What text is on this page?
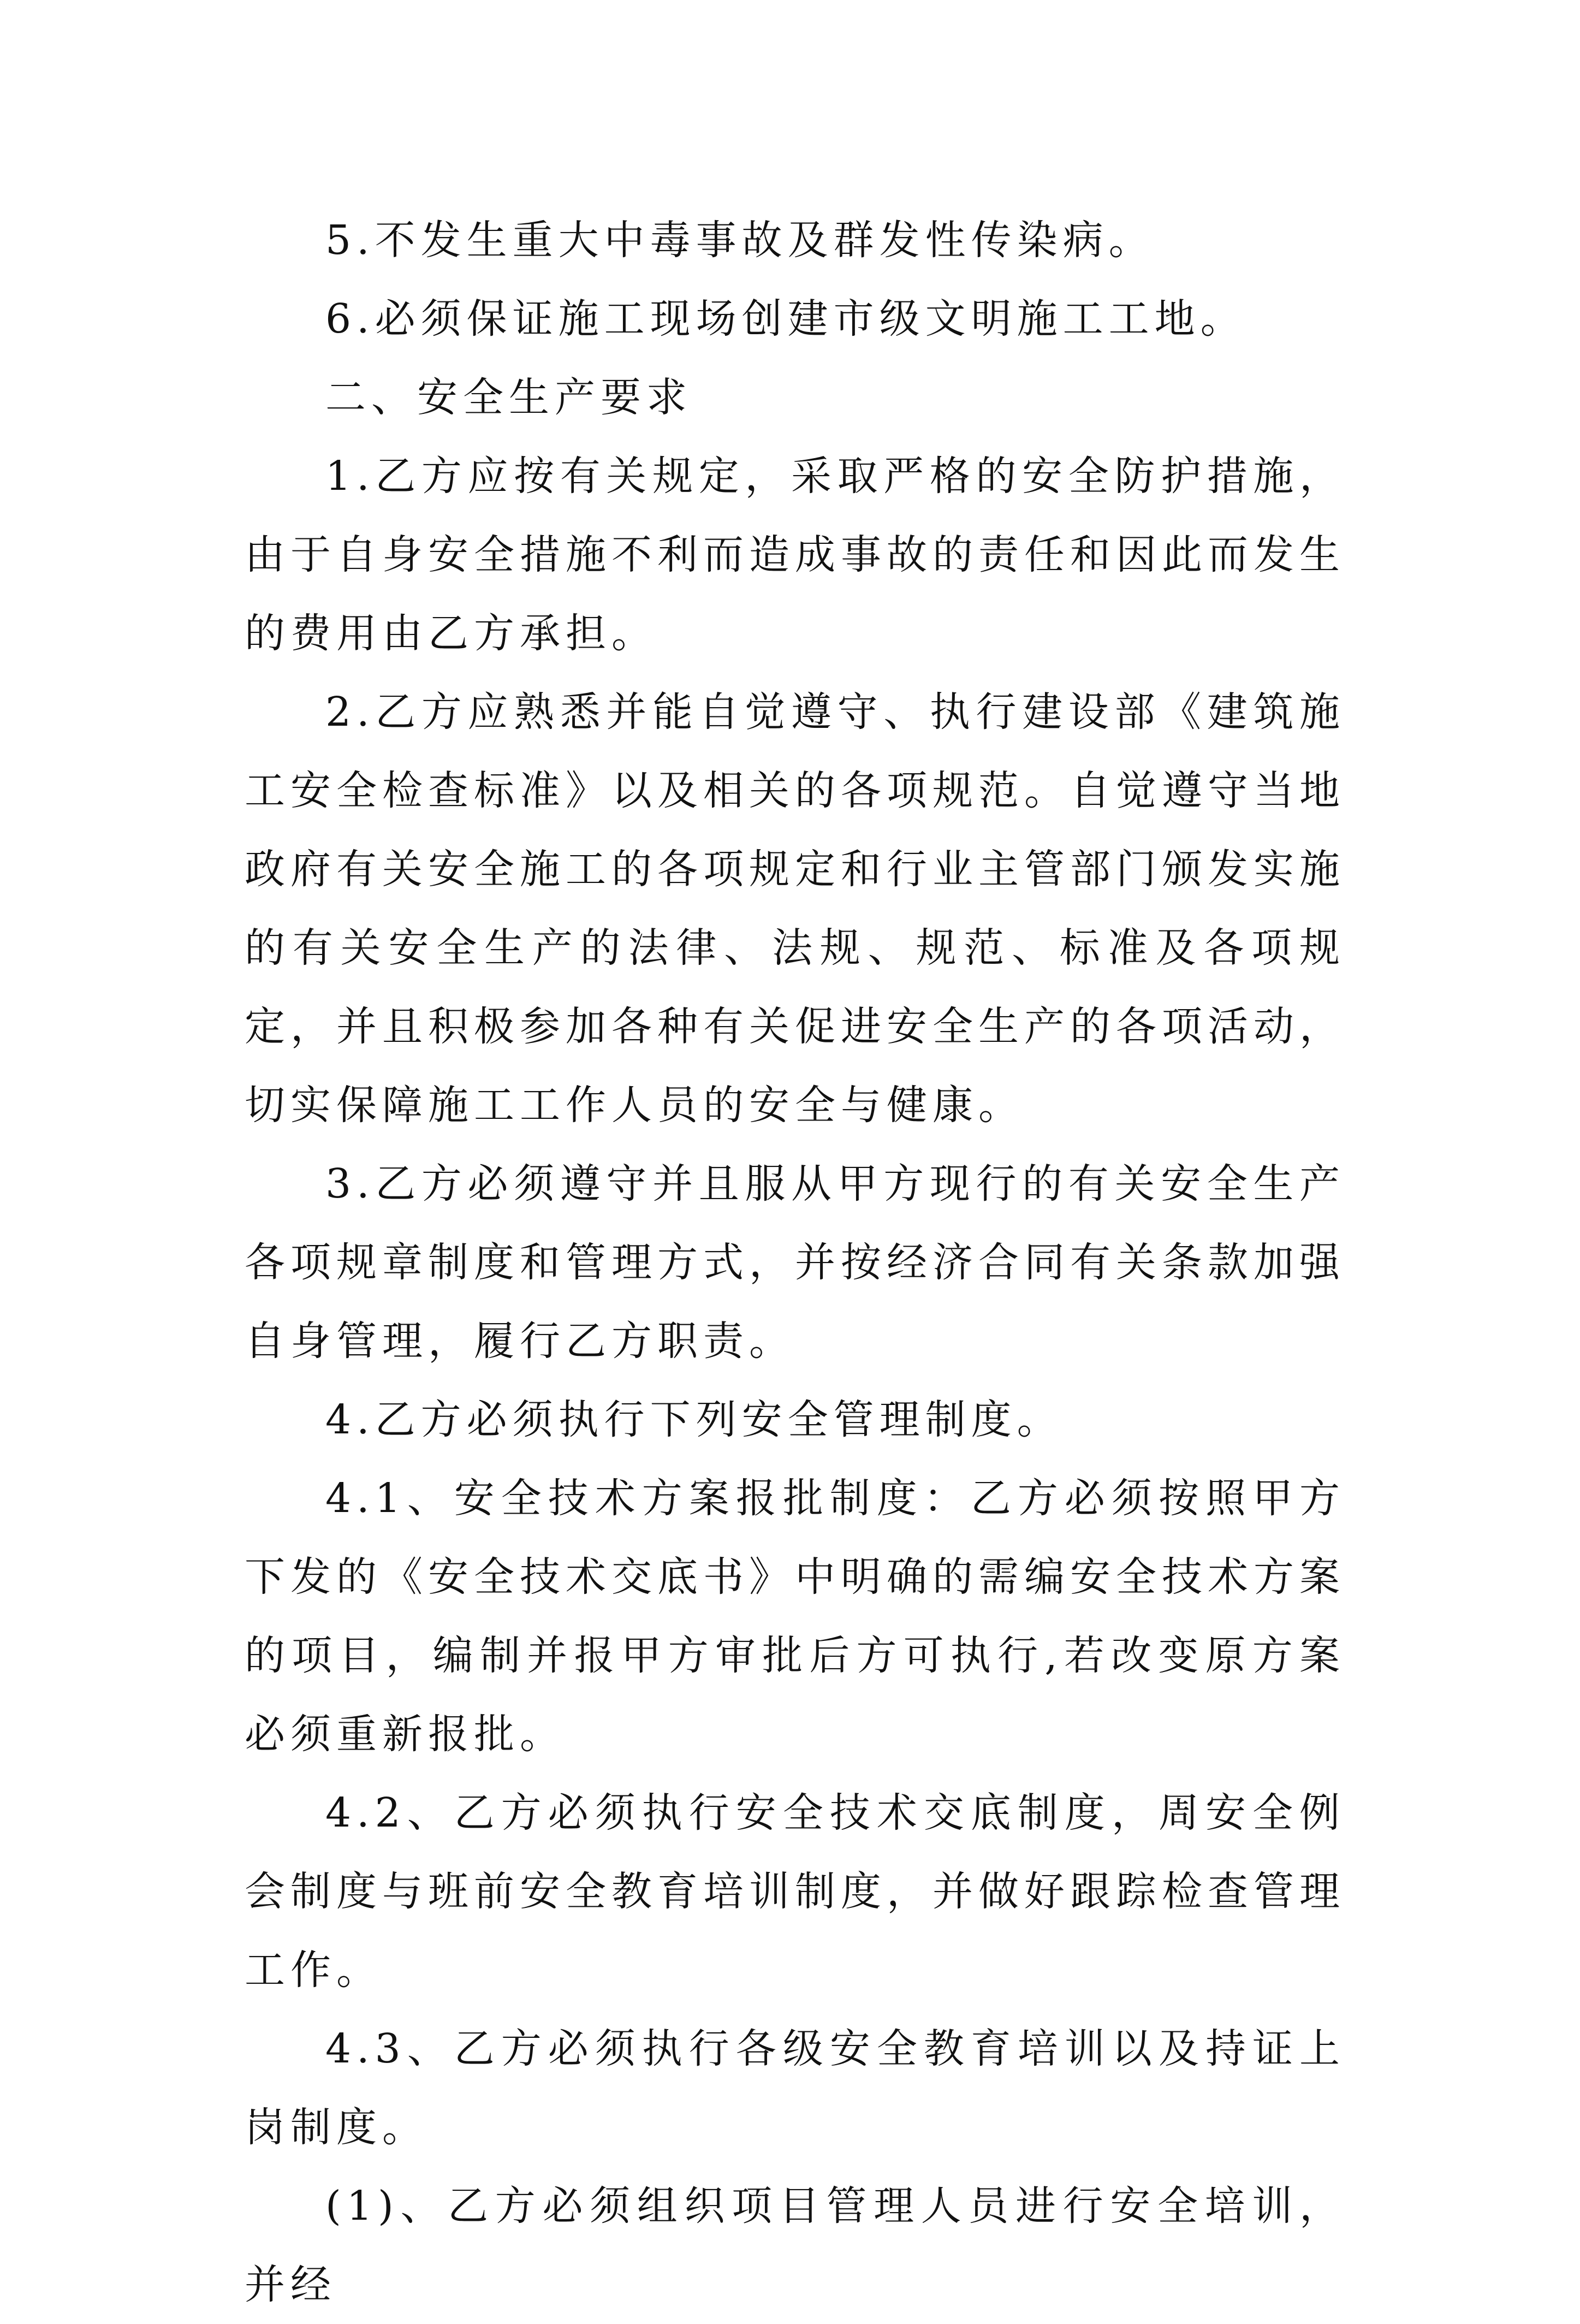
5.不发生重大中毒事故及群发性传染病。

6.必须保证施工现场创建市级文明施工工地。

二、安全生产要求

1.乙方应按有关规定，采取严格的安全防护措施，由于自身安全措施不利而造成事故的责任和因此而发生的费用由乙方承担。

2.乙方应熟悉并能自觉遵守、执行建设部《建筑施工安全检查标准》以及相关的各项规范。自觉遵守当地政府有关安全施工的各项规定和行业主管部门颁发实施的有关安全生产的法律、法规、规范、标准及各项规定，并且积极参加各种有关促进安全生产的各项活动，切实保障施工工作人员的安全与健康。

3.乙方必须遵守并且服从甲方现行的有关安全生产各项规章制度和管理方式，并按经济合同有关条款加强自身管理，履行乙方职责。

4.乙方必须执行下列安全管理制度。

4.1、安全技术方案报批制度：乙方必须按照甲方下发的《安全技术交底书》中明确的需编安全技术方案的项目，编制并报甲方审批后方可执行,若改变原方案必须重新报批。

4.2、乙方必须执行安全技术交底制度，周安全例会制度与班前安全教育培训制度，并做好跟踪检查管理工作。

4.3、乙方必须执行各级安全教育培训以及持证上岗制度。

(1)、乙方必须组织项目管理人员进行安全培训，并经
